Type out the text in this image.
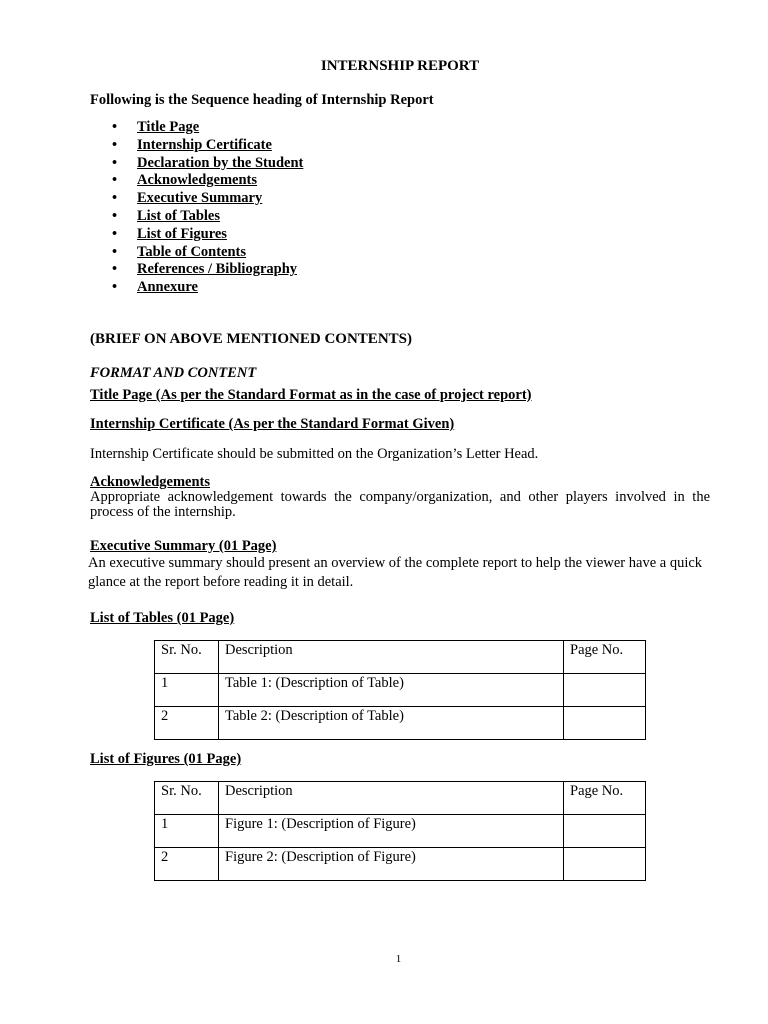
INTERNSHIP REPORT
Following is the Sequence heading of Internship Report
• Title Page
• Internship Certificate
• Declaration by the Student
• Acknowledgements
• Executive Summary
• List of Tables
• List of Figures
• Table of Contents
• References / Bibliography
• Annexure
(BRIEF ON ABOVE MENTIONED CONTENTS)
FORMAT AND CONTENT
Title Page (As per the Standard Format as in the case of project report)
Internship Certificate (As per the Standard Format Given)
Internship Certificate should be submitted on the Organization’s Letter Head.
Acknowledgements
Appropriate acknowledgement towards the company/organization, and other players involved in the process of the internship.
Executive Summary (01 Page)
An executive summary should present an overview of the complete report to help the viewer have a quick glance at the report before reading it in detail.
List of Tables (01 Page)
Sr. No.	Description	Page No.
1	Table 1: (Description of Table)	
2	Table 2: (Description of Table)	
List of Figures (01 Page)
Sr. No.	Description	Page No.
1	Figure 1: (Description of Figure)	
2	Figure 2: (Description of Figure)	
1
